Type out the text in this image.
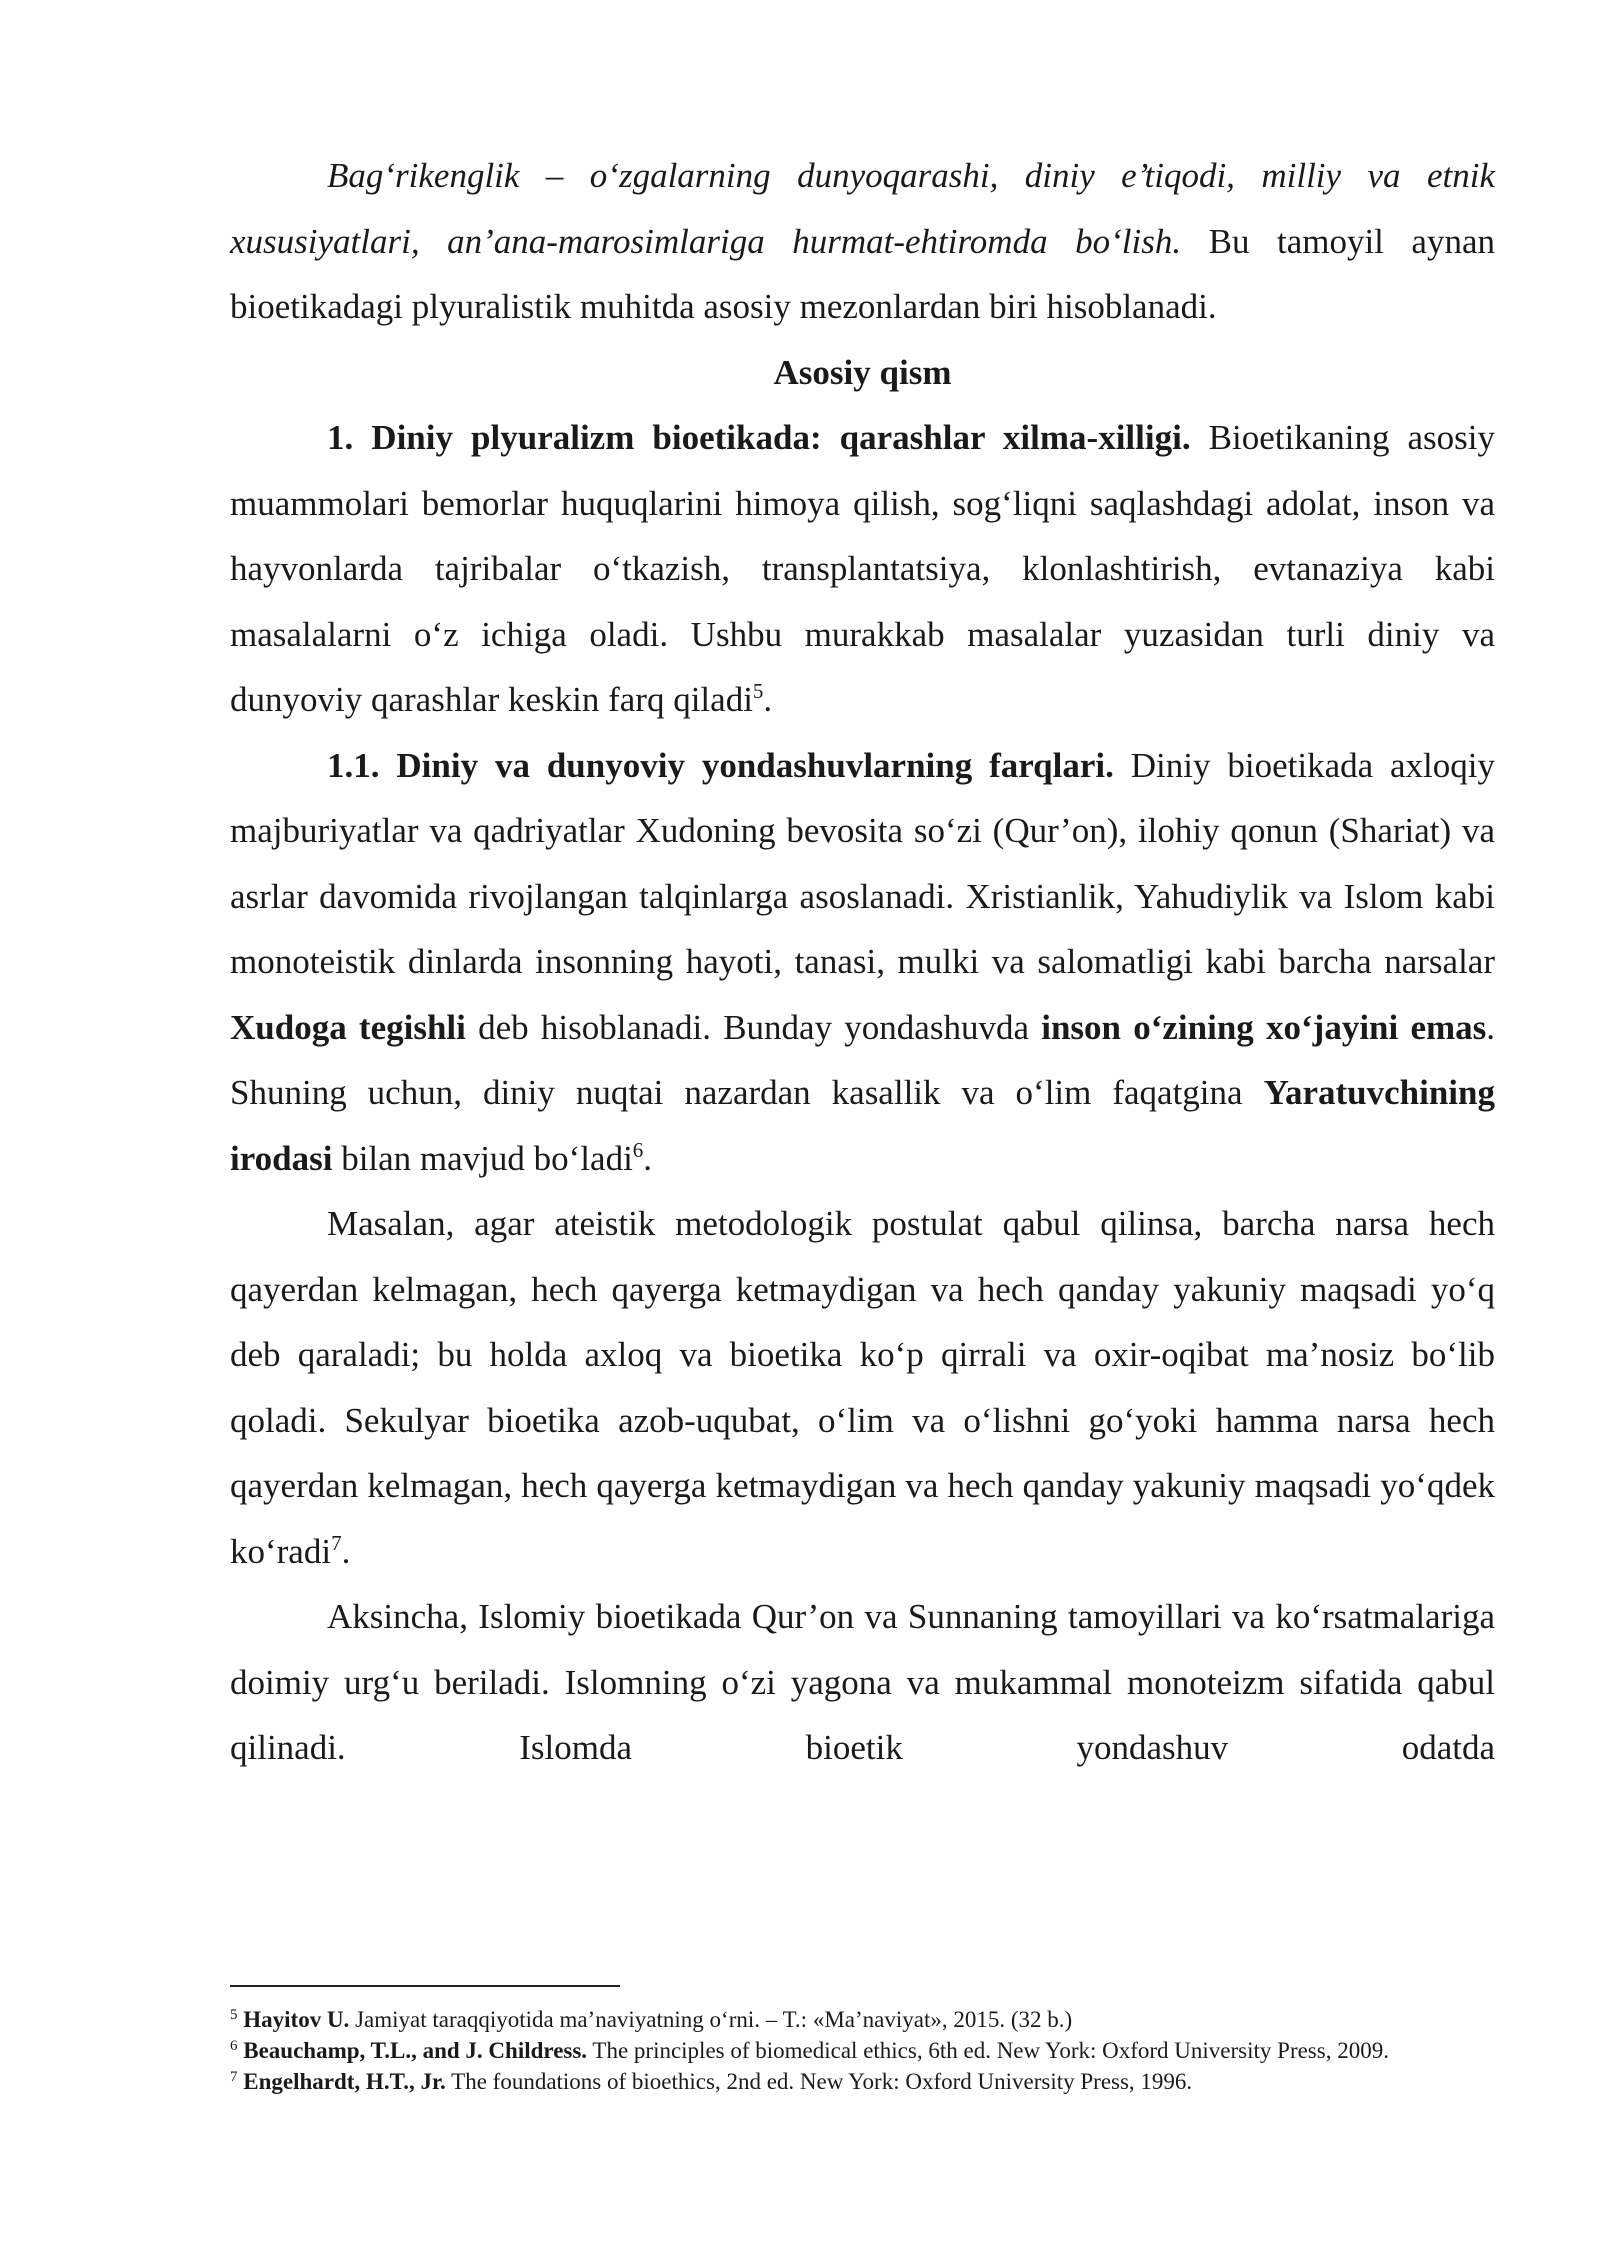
Bag‘rikenglik – o‘zgalarning dunyoqarashi, diniy e’tiqodi, milliy va etnik xususiyatlari, an’ana-marosimlariga hurmat-ehtiromda bo‘lish. Bu tamoyil aynan bioetikadagi plyuralistik muhitda asosiy mezonlardan biri hisoblanadi.

Asosiy qism

1. Diniy plyuralizm bioetikada: qarashlar xilma-xilligi. Bioetikaning asosiy muammolari bemorlar huquqlarini himoya qilish, sog‘liqni saqlashdagi adolat, inson va hayvonlarda tajribalar o‘tkazish, transplantatsiya, klonlashtirish, evtanaziya kabi masalalarni o‘z ichiga oladi. Ushbu murakkab masalalar yuzasidan turli diniy va dunyoviy qarashlar keskin farq qiladi$^5$.

1.1. Diniy va dunyoviy yondashuvlarning farqlari. Diniy bioetikada axloqiy majburiyatlar va qadriyatlar Xudoning bevosita so‘zi (Qur’on), ilohiy qonun (Shariat) va asrlar davomida rivojlangan talqinlarga asoslanadi. Xristianlik, Yahudiylik va Islom kabi monoteistik dinlarda insonning hayoti, tanasi, mulki va salomatligi kabi barcha narsalar Xudoga tegishli deb hisoblanadi. Bunday yondashuvda inson o‘zining xo‘jayini emas. Shuning uchun, diniy nuqtai nazardan kasallik va o‘lim faqatgina Yaratuvchining irodasi bilan mavjud bo‘ladi$^6$.

Masalan, agar ateistik metodologik postulat qabul qilinsa, barcha narsa hech qayerdan kelmagan, hech qayerga ketmaydigan va hech qanday yakuniy maqsadi yo‘q deb qaraladi; bu holda axloq va bioetika ko‘p qirrali va oxir-oqibat ma’nosiz bo‘lib qoladi. Sekulyar bioetika azob-uqubat, o‘lim va o‘lishni go‘yoki hamma narsa hech qayerdan kelmagan, hech qayerga ketmaydigan va hech qanday yakuniy maqsadi yo‘qdek ko‘radi$^7$.

Aksincha, Islomiy bioetikada Qur’on va Sunnaning tamoyillari va ko‘rsatmalariga doimiy urg‘u beriladi. Islomning o‘zi yagona va mukammal monoteizm sifatida qabul qilinadi. Islomda bioetik yondashuv odatda

$^5$ Hayitov U. Jamiyat taraqqiyotida ma’naviyatning o‘rni. – T.: «Ma’naviyat», 2015. (32 b.)

$^6$ Beauchamp, T.L., and J. Childress. The principles of biomedical ethics, 6th ed. New York: Oxford University Press, 2009.

$^7$ Engelhardt, H.T., Jr. The foundations of bioethics, 2nd ed. New York: Oxford University Press, 1996.
